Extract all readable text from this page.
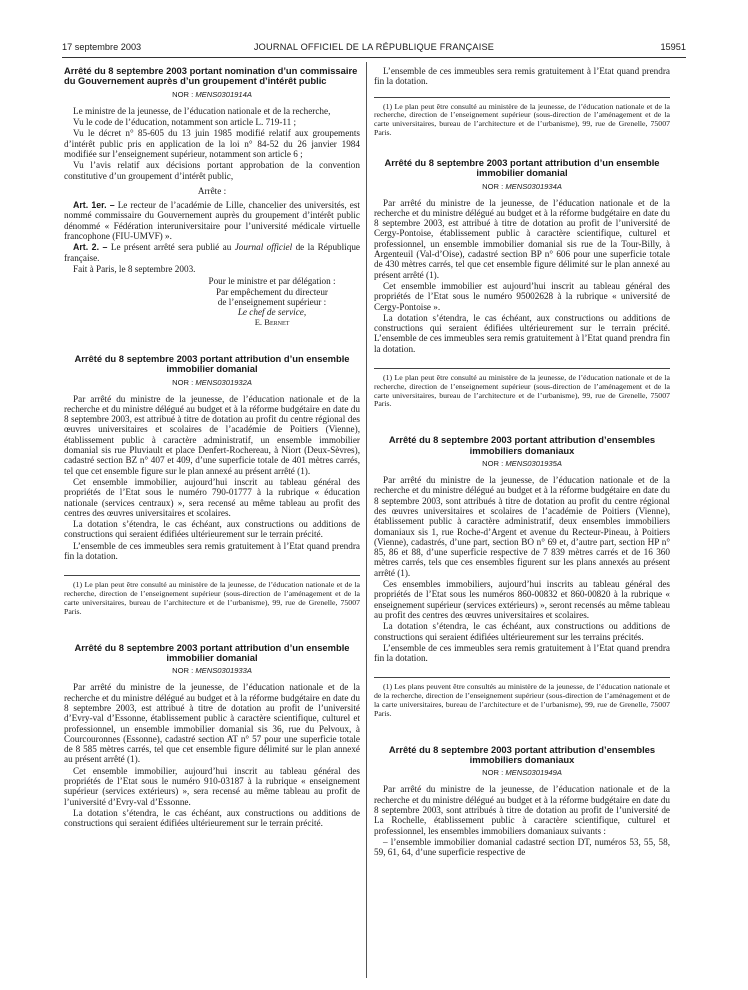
17 septembre 2003	JOURNAL OFFICIEL DE LA RÉPUBLIQUE FRANÇAISE	15951
Arrêté du 8 septembre 2003 portant nomination d’un commissaire du Gouvernement auprès d’un groupement d’intérêt public
NOR : MENS0301914A

Le ministre de la jeunesse, de l’éducation nationale et de la recherche,

Vu le code de l’éducation, notamment son article L. 719-11 ;

Vu le décret n° 85-605 du 13 juin 1985 modifié relatif aux groupements d’intérêt public pris en application de la loi n° 84-52 du 26 janvier 1984 modifiée sur l’enseignement supérieur, notamment son article 6 ;

Vu l’avis relatif aux décisions portant approbation de la convention constitutive d’un groupement d’intérêt public,

Arrête :

Art. 1er. – Le recteur de l’académie de Lille, chancelier des universités, est nommé commissaire du Gouvernement auprès du groupement d’intérêt public dénommé « Fédération interuniversitaire pour l’université médicale virtuelle francophone (FIU-UMVF) ».

Art. 2. – Le présent arrêté sera publié au Journal officiel de la République française.

Fait à Paris, le 8 septembre 2003.

Pour le ministre et par délégation :
Par empêchement du directeur
de l’enseignement supérieur :
Le chef de service,
E. Bernet
Arrêté du 8 septembre 2003 portant attribution d’un ensemble immobilier domanial
NOR : MENS0301932A

Par arrêté du ministre de la jeunesse, de l’éducation nationale et de la recherche et du ministre délégué au budget et à la réforme budgétaire en date du 8 septembre 2003, est attribué à titre de dotation au profit du centre régional des œuvres universitaires et scolaires de l’académie de Poitiers (Vienne), établissement public à caractère administratif, un ensemble immobilier domanial sis rue Pluviault et place Denfert-Rochereau, à Niort (Deux-Sèvres), cadastré section BZ n° 407 et 409, d’une superficie totale de 401 mètres carrés, tel que cet ensemble figure sur le plan annexé au présent arrêté (1).

Cet ensemble immobilier, aujourd’hui inscrit au tableau général des propriétés de l’Etat sous le numéro 790-01777 à la rubrique « éducation nationale (services centraux) », sera recensé au même tableau au profit des centres des œuvres universitaires et scolaires.

La dotation s’étendra, le cas échéant, aux constructions ou additions de constructions qui seraient édifiées ultérieurement sur le terrain précité.

L’ensemble de ces immeubles sera remis gratuitement à l’Etat quand prendra fin la dotation.

(1) Le plan peut être consulté au ministère de la jeunesse, de l’éducation nationale et de la recherche, direction de l’enseignement supérieur (sous-direction de l’aménagement et de la carte universitaires, bureau de l’architecture et de l’urbanisme), 99, rue de Grenelle, 75007 Paris.

Arrêté du 8 septembre 2003 portant attribution d’un ensemble immobilier domanial
NOR : MENS0301933A

Par arrêté du ministre de la jeunesse, de l’éducation nationale et de la recherche et du ministre délégué au budget et à la réforme budgétaire en date du 8 septembre 2003, est attribué à titre de dotation au profit de l’université d’Evry-val d’Essonne, établissement public à caractère scientifique, culturel et professionnel, un ensemble immobilier domanial sis 36, rue du Pelvoux, à Courcouronnes (Essonne), cadastré section AT n° 57 pour une superficie totale de 8 585 mètres carrés, tel que cet ensemble figure délimité sur le plan annexé au présent arrêté (1).

Cet ensemble immobilier, aujourd’hui inscrit au tableau général des propriétés de l’Etat sous le numéro 910-03187 à la rubrique « enseignement supérieur (services extérieurs) », sera recensé au même tableau au profit de l’université d’Evry-val d’Essonne.

La dotation s’étendra, le cas échéant, aux constructions ou additions de constructions qui seraient édifiées ultérieurement sur le terrain précité.

L’ensemble de ces immeubles sera remis gratuitement à l’Etat quand prendra fin la dotation.

(1) Le plan peut être consulté au ministère de la jeunesse, de l’éducation nationale et de la recherche, direction de l’enseignement supérieur (sous-direction de l’aménagement et de la carte universitaires, bureau de l’architecture et de l’urbanisme), 99, rue de Grenelle, 75007 Paris.

Arrêté du 8 septembre 2003 portant attribution d’un ensemble immobilier domanial
NOR : MENS0301934A

Par arrêté du ministre de la jeunesse, de l’éducation nationale et de la recherche et du ministre délégué au budget et à la réforme budgétaire en date du 8 septembre 2003, est attribué à titre de dotation au profit de l’université de Cergy-Pontoise, établissement public à caractère scientifique, culturel et professionnel, un ensemble immobilier domanial sis rue de la Tour-Billy, à Argenteuil (Val-d’Oise), cadastré section BP n° 606 pour une superficie totale de 430 mètres carrés, tel que cet ensemble figure délimité sur le plan annexé au présent arrêté (1).

Cet ensemble immobilier est aujourd’hui inscrit au tableau général des propriétés de l’Etat sous le numéro 95002628 à la rubrique « université de Cergy-Pontoise ».

La dotation s’étendra, le cas échéant, aux constructions ou additions de constructions qui seraient édifiées ultérieurement sur le terrain précité. L’ensemble de ces immeubles sera remis gratuitement à l’Etat quand prendra fin la dotation.

(1) Le plan peut être consulté au ministère de la jeunesse, de l’éducation nationale et de la recherche, direction de l’enseignement supérieur (sous-direction de l’aménagement et de la carte universitaires, bureau de l’architecture et de l’urbanisme), 99, rue de Grenelle, 75007 Paris.

Arrêté du 8 septembre 2003 portant attribution d’ensembles immobiliers domaniaux
NOR : MENS0301935A

Par arrêté du ministre de la jeunesse, de l’éducation nationale et de la recherche et du ministre délégué au budget et à la réforme budgétaire en date du 8 septembre 2003, sont attribués à titre de dotation au profit du centre régional des œuvres universitaires et scolaires de l’académie de Poitiers (Vienne), établissement public à caractère administratif, deux ensembles immobiliers domaniaux sis 1, rue Roche-d’Argent et avenue du Recteur-Pineau, à Poitiers (Vienne), cadastrés, d’une part, section BO n° 69 et, d’autre part, section HP n° 85, 86 et 88, d’une superficie respective de 7 839 mètres carrés et de 16 360 mètres carrés, tels que ces ensembles figurent sur les plans annexés au présent arrêté (1).

Ces ensembles immobiliers, aujourd’hui inscrits au tableau général des propriétés de l’Etat sous les numéros 860-00832 et 860-00820 à la rubrique « enseignement supérieur (services extérieurs) », seront recensés au même tableau au profit des centres des œuvres universitaires et scolaires.

La dotation s’étendra, le cas échéant, aux constructions ou additions de constructions qui seraient édifiées ultérieurement sur les terrains précités.

L’ensemble de ces immeubles sera remis gratuitement à l’Etat quand prendra fin la dotation.

(1) Les plans peuvent être consultés au ministère de la jeunesse, de l’éducation nationale et de la recherche, direction de l’enseignement supérieur (sous-direction de l’aménagement et de la carte universitaires, bureau de l’architecture et de l’urbanisme), 99, rue de Grenelle, 75007 Paris.

Arrêté du 8 septembre 2003 portant attribution d’ensembles immobiliers domaniaux
NOR : MENS0301949A

Par arrêté du ministre de la jeunesse, de l’éducation nationale et de la recherche et du ministre délégué au budget et à la réforme budgétaire en date du 8 septembre 2003, sont attribués à titre de dotation au profit de l’université de La Rochelle, établissement public à caractère scientifique, culturel et professionnel, les ensembles immobiliers domaniaux suivants :

– l’ensemble immobilier domanial cadastré section DT, numéros 53, 55, 58, 59, 61, 64, d’une superficie respective de
